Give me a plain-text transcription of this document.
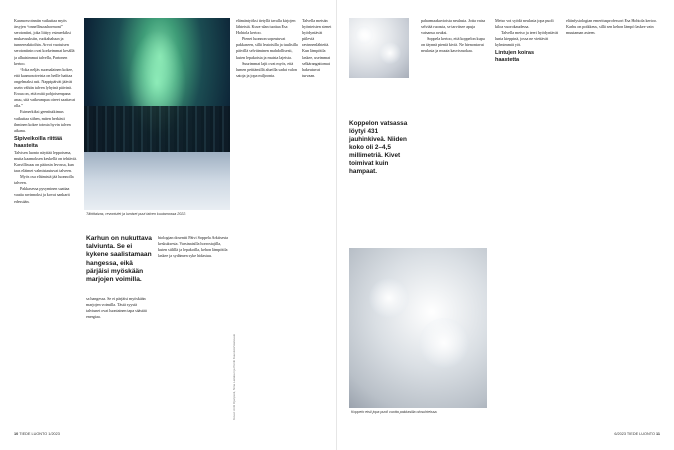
Kaamosvoinniin vaikuttaa myös ärsyjen “onnellisuushormoni” serotoniini, joka liittyy esimerkiksi mukavuuksiin, ruokahaluun ja tunnereaktioihin. Arvot vuotuisen serotoniinin ovat korkeimmat kesällä ja alhaisimmat talvella, Partonen kertoo.

“Joka neljäs suomalainen kokee, että kaamosoireista on heille haittaa ongelmaksi asti. Nappipäivät jäävät usein vähiin talven lyhyinä päivinä. Eroaa on, että mitä pohjoisempana asuu, sitä vaikeampaa oireet saattavat olla.”

Esimerkiksi geenitutkimus vaikuttaa siihen, miten herkästi ihminen kokee toimia hyvin talven aikana.

Sipiveikoilla riittää haasteita

Talvisen luonto näyttää leppoisena, mutta kaamoksen keskellä on tehtäviä. Kasvillisuus on pääosin levossa, kun taas eläimet valmistautuvat talveen.

Myös osa eläimistä jää luonnolla talveen.

Pakkasessa pysyminen saattaa vaatia ravinnoksi ja kovat sankarit edessään.

Tähtitaivas, revontulet ja lumiset puut talven kuutamossa 2022.

elämäntyöksi tietyllä tavalla kirjojen lähteistä. Kuva-alan tuottaa Esa Hohtola kertoo.

Pienet luonnon sopeutuvat pakkaseen, sillä leutoisilla ja tuulisilla päivillä selviäminen mahdollisesti, kuten lepakoista ja muista lajeista.

Suurimmat lajit ovat myös, että lumen peittämillä alueilla sadat valon satoja ja jopa miljoonia.

Talvella metsän hyönteisten sienet hyödyntävät piileviä ravinnenlähteitä. Kun lämpötila laskee, useimmat selkärangattomat hakeutuvat turvaan.

Karhun on nukuttava talviunta. Se ei kykene saalistamaan hangessa, eikä pärjäisi myöskään marjojen voimilla.

sa hangessa. Se ei pärjäisi myöskään marjojen voimilla. Tästä syystä talviunet ovat luontainen tapa säästää energiaa.

biologian dosentti Päivi Soppela Arktisesta keskuksesta. Varsinaisilla horrostajilla, kuten siilillä ja lepakoilla, kehon lämpötila laskee ja sydämen syke hidastuu.

Kuvat: Antti Ojanperä, Nina Laitakari ja Pentti Kuusisto/Vastavalo
Koppelon vatsassa löytyi 431 jauhinkiveä. Niiden koko oli 2–4,5 millimetriä. Kivet toimivat kuin hampaat.

paharmaakuvioista neulasia. Jotta vatsa selviää ruoasta, se tarvitsee apuja vatsansa avuksi.

Soppela kertoo, että koppelon kupu on täynnä pieniä kiviä. Ne hienontavat neulasia ja muuta kasvisruokaa.

Koppelo etsii jopa puoli vuotta pakkasilla olosuhteissa.

Metso voi syödä neulasia jopa puoli kiloa vuorokaudessa.

Talvella metso ja teeri hyödyntävät lunta kieppinä, jossa ne viettävät kylmimmät yöt.

Lintujen koiras haastetta

eläinfysiologian emeritusprofessori Esa Hohtola kertoo. Karhu on poikkeus, sillä sen kehon lämpö laskee vain muutaman asteen.

10 TIEDE LUONTO 1/2023	6/2023 TIEDE LUONTO 11
